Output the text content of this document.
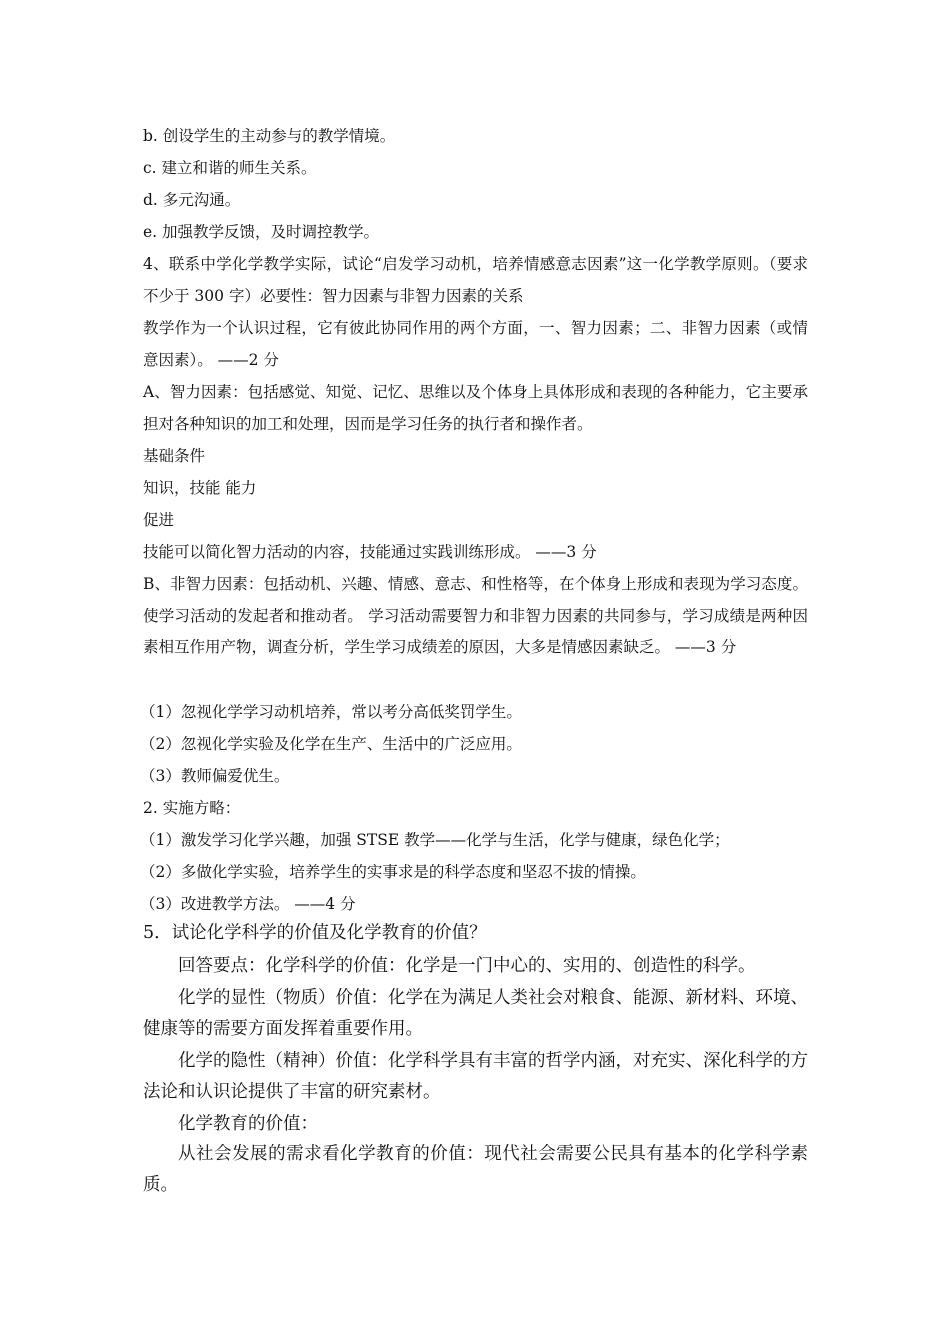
b. 创设学生的主动参与的教学情境。
c. 建立和谐的师生关系。
d. 多元沟通。
e. 加强教学反馈，及时调控教学。
4、联系中学化学教学实际，试论“启发学习动机，培养情感意志因素”这一化学教学原则。（要求不少于 300 字）必要性：智力因素与非智力因素的关系
教学作为一个认识过程，它有彼此协同作用的两个方面，一、智力因素；二、非智力因素（或情意因素）。 ——2 分
A、智力因素：包括感觉、知觉、记忆、思维以及个体身上具体形成和表现的各种能力，它主要承担对各种知识的加工和处理，因而是学习任务的执行者和操作者。
基础条件
知识，技能 能力
促进
技能可以简化智力活动的内容，技能通过实践训练形成。 ——3 分
B、非智力因素：包括动机、兴趣、情感、意志、和性格等，在个体身上形成和表现为学习态度。使学习活动的发起者和推动者。 学习活动需要智力和非智力因素的共同参与，学习成绩是两种因素相互作用产物，调查分析，学生学习成绩差的原因，大多是情感因素缺乏。 ——3 分
（1）忽视化学学习动机培养，常以考分高低奖罚学生。
（2）忽视化学实验及化学在生产、生活中的广泛应用。
（3）教师偏爱优生。
2. 实施方略：
（1）激发学习化学兴趣，加强 STSE 教学——化学与生活，化学与健康，绿色化学；
（2）多做化学实验，培养学生的实事求是的科学态度和坚忍不拔的情操。
（3）改进教学方法。 ——4 分
5．试论化学科学的价值及化学教育的价值？
回答要点：化学科学的价值：化学是一门中心的、实用的、创造性的科学。
化学的显性（物质）价值：化学在为满足人类社会对粮食、能源、新材料、环境、健康等的需要方面发挥着重要作用。
化学的隐性（精神）价值：化学科学具有丰富的哲学内涵，对充实、深化科学的方法论和认识论提供了丰富的研究素材。
化学教育的价值：
从社会发展的需求看化学教育的价值：现代社会需要公民具有基本的化学科学素质。
